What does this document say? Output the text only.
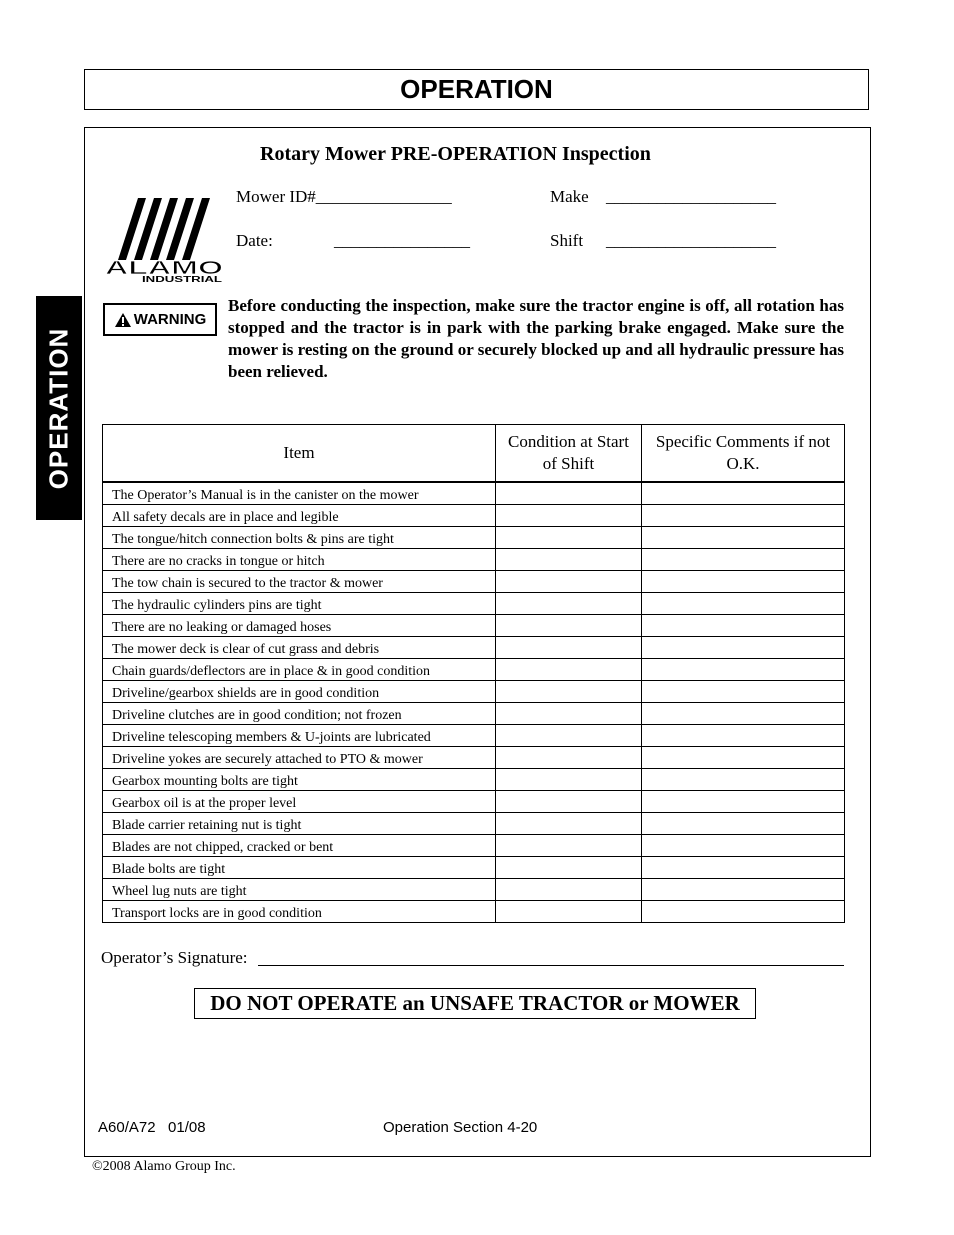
OPERATION
OPERATION
Rotary Mower PRE-OPERATION Inspection
ALAMO
INDUSTRIAL
Mower ID#________________	Make ____________________
Date:	________________	Shift ____________________
WARNING
Before conducting the inspection, make sure the tractor engine is off, all rotation has stopped and the tractor is in park with the parking brake engaged. Make sure the mower is resting on the ground or securely blocked up and all hydraulic pressure has been relieved.
Item	Condition at Start of Shift	Specific Comments if not O.K.

The Operator’s Manual is in the canister on the mower		
All safety decals are in place and legible		
The tongue/hitch connection bolts & pins are tight		
There are no cracks in tongue or hitch		
The tow chain is secured to the tractor & mower		
The hydraulic cylinders pins are tight		
There are no leaking or damaged hoses		
The mower deck is clear of cut grass and debris		
Chain guards/deflectors are in place & in good condition		
Driveline/gearbox shields are in good condition		
Driveline clutches are in good condition; not frozen		
Driveline telescoping members & U-joints are lubricated		
Driveline yokes are securely attached to PTO & mower		
Gearbox mounting bolts are tight		
Gearbox oil is at the proper level		
Blade carrier retaining nut is tight		
Blades are not chipped, cracked or bent		
Blade bolts are tight		
Wheel lug nuts are tight		
Transport locks are in good condition		
Operator’s Signature:
DO NOT OPERATE an UNSAFE TRACTOR or MOWER
A60/A72   01/08	Operation Section 4-20
©2008 Alamo Group Inc.
